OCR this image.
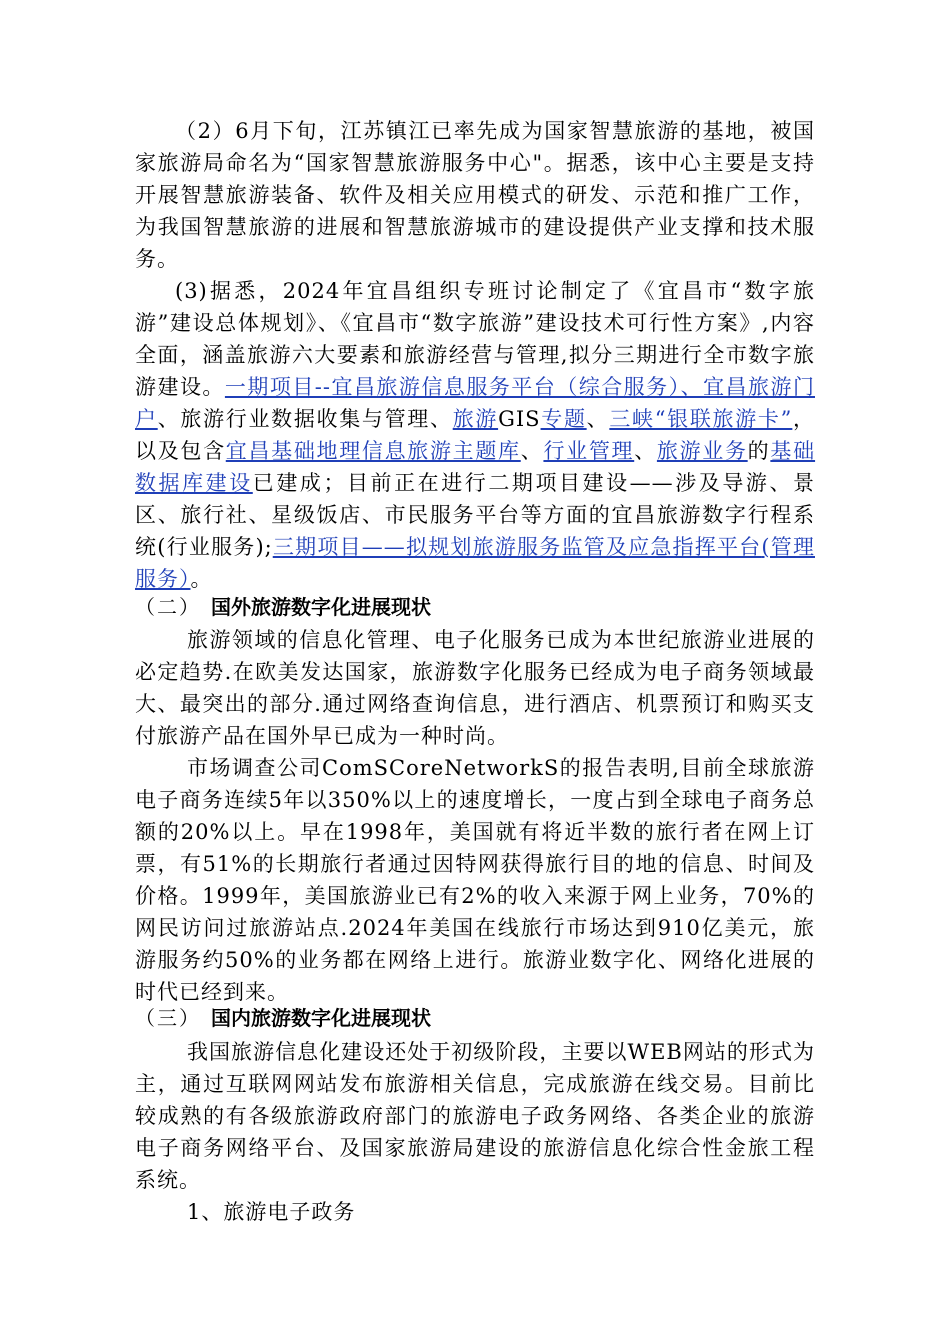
（2）6月下旬，江苏镇江已率先成为国家智慧旅游的基地，被国家旅游局命名为“国家智慧旅游服务中心"。据悉，该中心主要是支持开展智慧旅游装备、软件及相关应用模式的研发、示范和推广工作，为我国智慧旅游的进展和智慧旅游城市的建设提供产业支撑和技术服务。

(3)据悉，2024年宜昌组织专班讨论制定了《宜昌市“数字旅游”建设总体规划》、《宜昌市“数字旅游”建设技术可行性方案》,内容全面，涵盖旅游六大要素和旅游经营与管理,拟分三期进行全市数字旅游建设。一期项目--宜昌旅游信息服务平台（综合服务）、宜昌旅游门户、旅游行业数据收集与管理、旅游GIS专题、三峡“银联旅游卡”，以及包含宜昌基础地理信息旅游主题库、行业管理、旅游业务的基础数据库建设已建成；目前正在进行二期项目建设——涉及导游、景区、旅行社、星级饭店、市民服务平台等方面的宜昌旅游数字行程系统(行业服务);三期项目——拟规划旅游服务监管及应急指挥平台(管理服务）。

（二） 国外旅游数字化进展现状

旅游领域的信息化管理、电子化服务已成为本世纪旅游业进展的必定趋势.在欧美发达国家，旅游数字化服务已经成为电子商务领域最大、最突出的部分.通过网络查询信息，进行酒店、机票预订和购买支付旅游产品在国外早已成为一种时尚。

市场调查公司ComSCoreNetworkS的报告表明,目前全球旅游电子商务连续5年以350%以上的速度增长，一度占到全球电子商务总额的20%以上。早在1998年，美国就有将近半数的旅行者在网上订票，有51%的长期旅行者通过因特网获得旅行目的地的信息、时间及价格。1999年，美国旅游业已有2%的收入来源于网上业务，70%的网民访问过旅游站点.2024年美国在线旅行市场达到910亿美元，旅游服务约50%的业务都在网络上进行。旅游业数字化、网络化进展的时代已经到来。

（三） 国内旅游数字化进展现状

我国旅游信息化建设还处于初级阶段，主要以WEB网站的形式为主，通过互联网网站发布旅游相关信息，完成旅游在线交易。目前比较成熟的有各级旅游政府部门的旅游电子政务网络、各类企业的旅游电子商务网络平台、及国家旅游局建设的旅游信息化综合性金旅工程系统。

1、旅游电子政务
